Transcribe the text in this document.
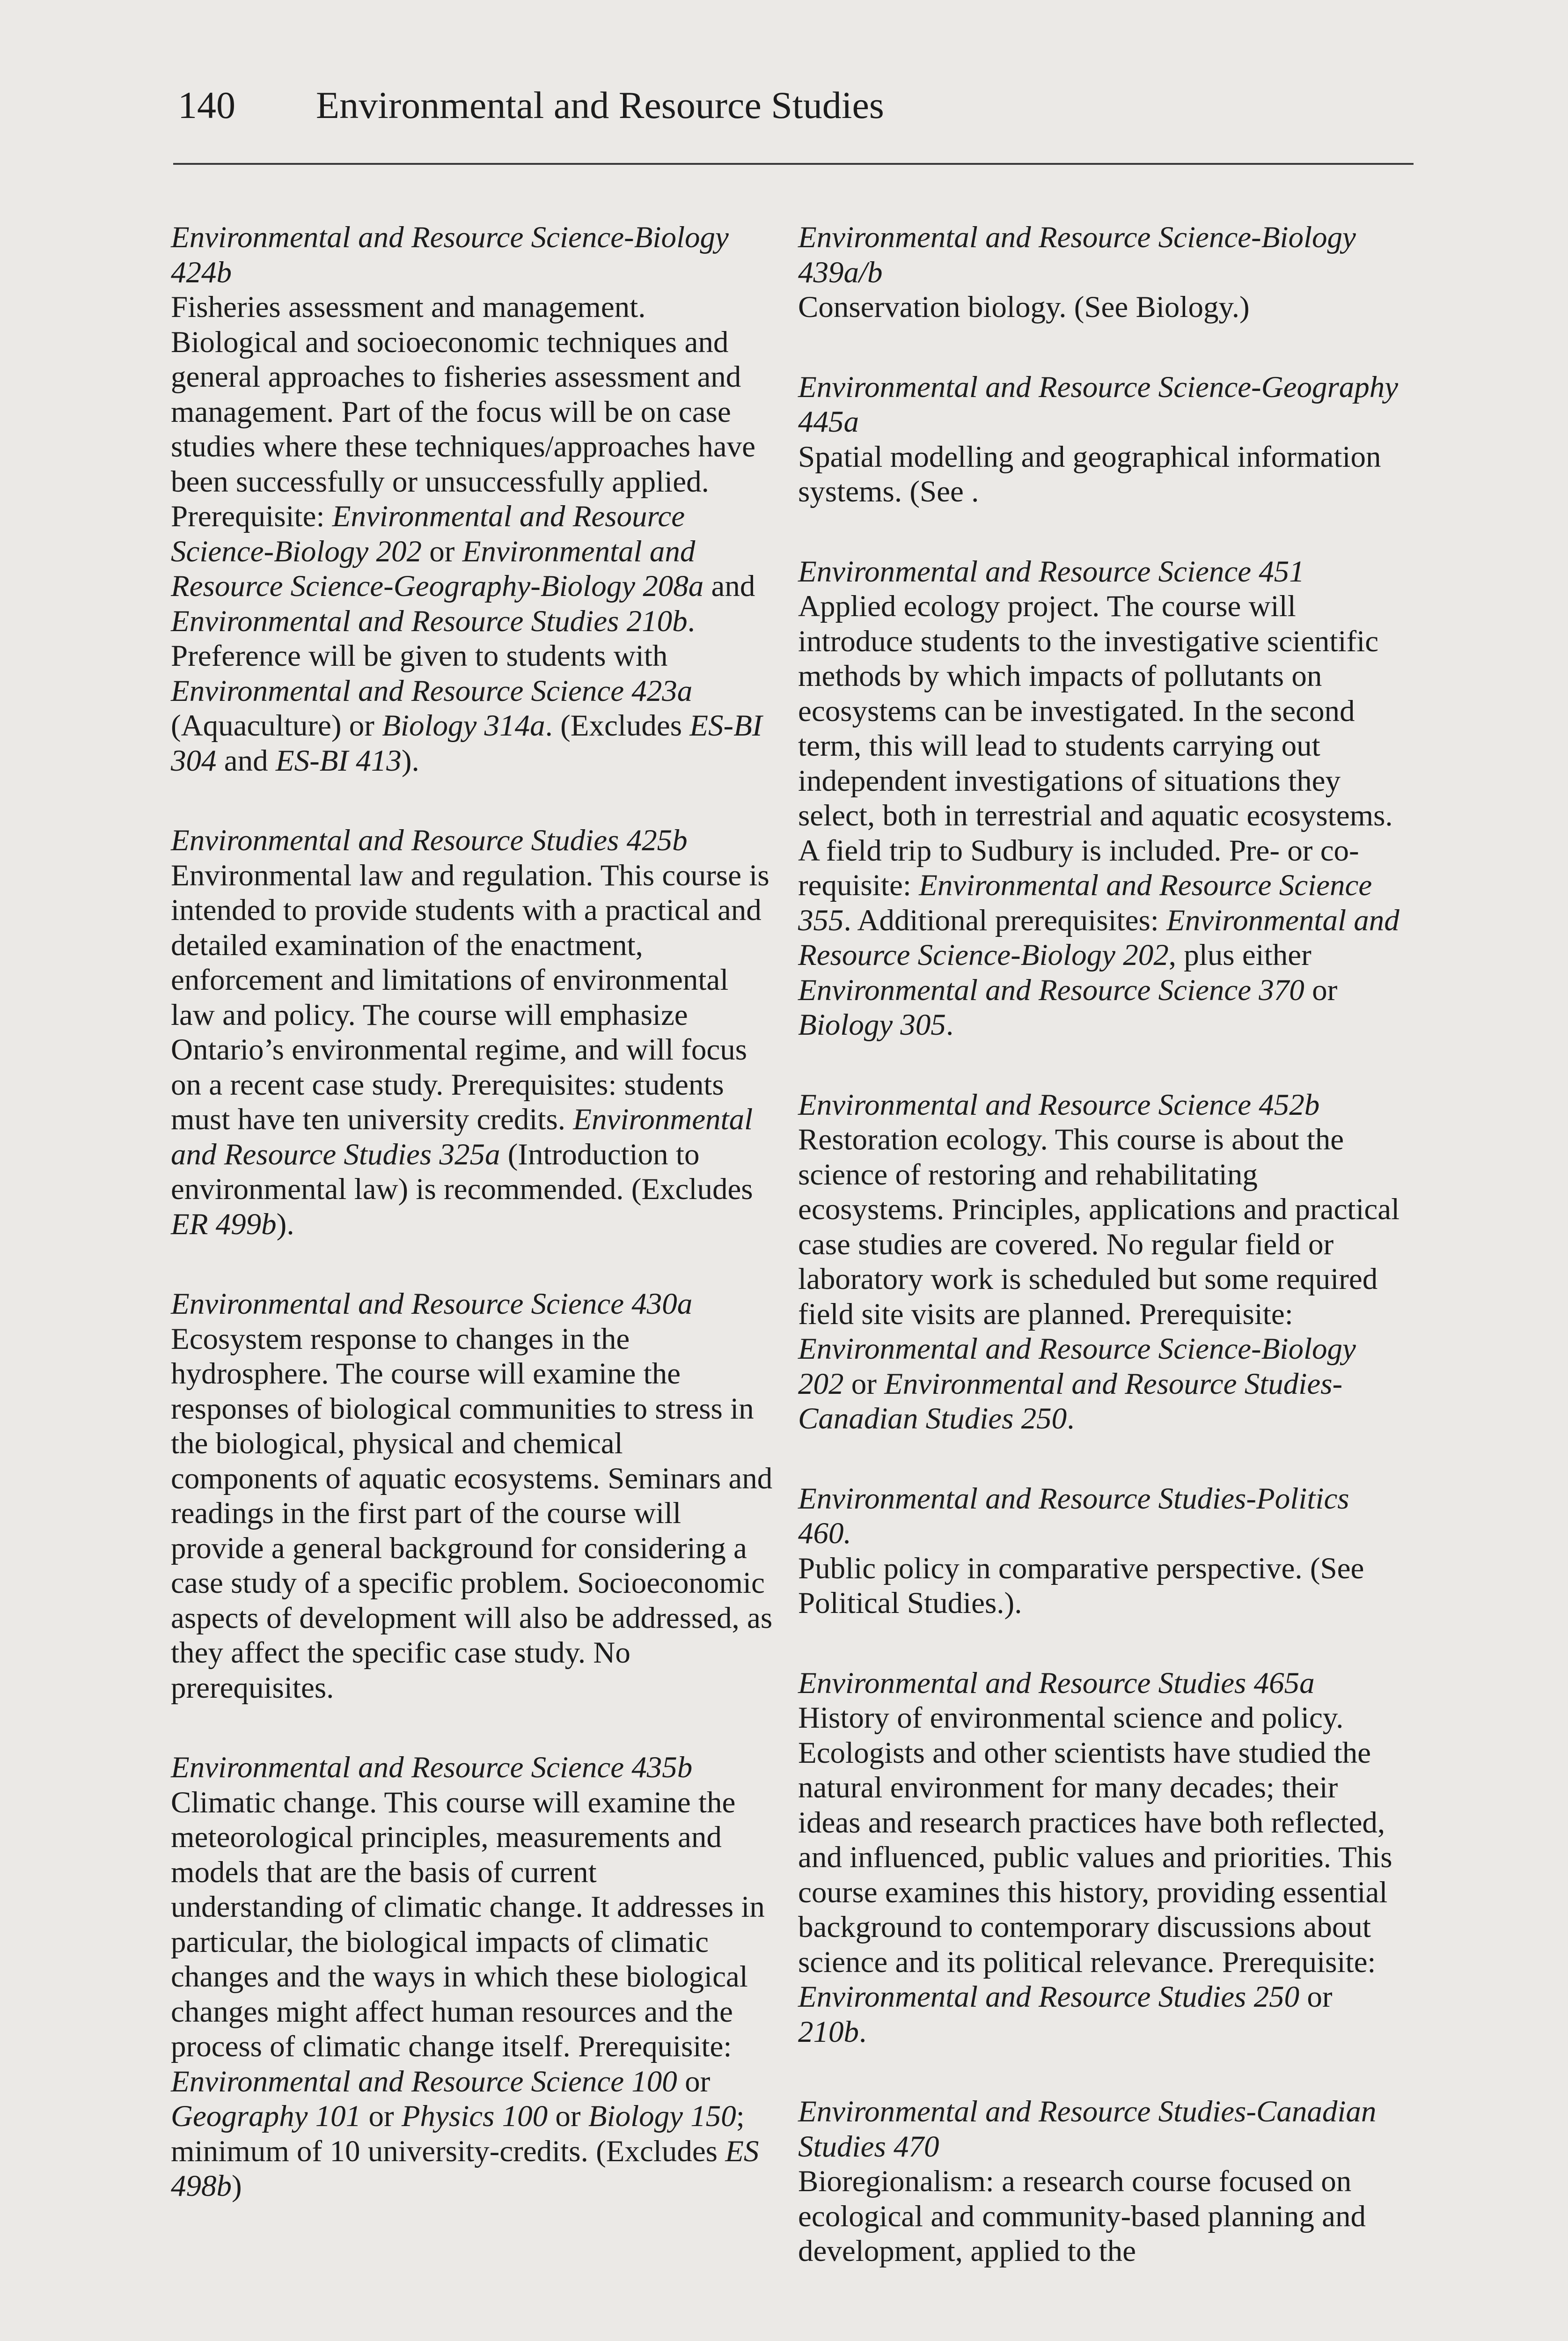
140 Environmental and Resource Studies

Environmental and Resource Science-Biology 424b

Fisheries assessment and management. Biological and socioeconomic techniques and general approaches to fisheries assessment and management. Part of the focus will be on case studies where these techniques/approaches have been successfully or unsuccessfully applied. Prerequisite: Environmental and Resource Science-Biology 202 or Environmental and Resource Science-Geography-Biology 208a and Environmental and Resource Studies 210b. Preference will be given to students with Environmental and Resource Science 423a (Aquaculture) or Biology 314a. (Excludes ES-BI 304 and ES-BI 413).

Environmental and Resource Studies 425b

Environmental law and regulation. This course is intended to provide students with a practical and detailed examination of the enactment, enforcement and limitations of environmental law and policy. The course will emphasize Ontario’s environmental regime, and will focus on a recent case study. Prerequisites: students must have ten university credits. Environmental and Resource Studies 325a (Introduction to environmental law) is recommended. (Excludes ER 499b).

Environmental and Resource Science 430a

Ecosystem response to changes in the hydrosphere. The course will examine the responses of biological communities to stress in the biological, physical and chemical components of aquatic ecosystems. Seminars and readings in the first part of the course will provide a general background for considering a case study of a specific problem. Socioeconomic aspects of development will also be addressed, as they affect the specific case study. No prerequisites.

Environmental and Resource Science 435b

Climatic change. This course will examine the meteorological principles, measurements and models that are the basis of current understanding of climatic change. It addresses in particular, the biological impacts of climatic changes and the ways in which these biological changes might affect human resources and the process of climatic change itself. Prerequisite: Environmental and Resource Science 100 or Geography 101 or Physics 100 or Biology 150; minimum of 10 university-credits. (Excludes ES 498b)

Environmental and Resource Science-Biology 439a/b

Conservation biology. (See Biology.)

Environmental and Resource Science-Geography 445a

Spatial modelling and geographical information systems. (See .

Environmental and Resource Science 451

Applied ecology project. The course will introduce students to the investigative scientific methods by which impacts of pollutants on ecosystems can be investigated. In the second term, this will lead to students carrying out independent investigations of situations they select, both in terrestrial and aquatic ecosystems. A field trip to Sudbury is included. Pre- or co-requisite: Environmental and Resource Science 355. Additional prerequisites: Environmental and Resource Science-Biology 202, plus either Environmental and Resource Science 370 or Biology 305.

Environmental and Resource Science 452b

Restoration ecology. This course is about the science of restoring and rehabilitating ecosystems. Principles, applications and practical case studies are covered. No regular field or laboratory work is scheduled but some required field site visits are planned. Prerequisite: Environmental and Resource Science-Biology 202 or Environmental and Resource Studies-Canadian Studies 250.

Environmental and Resource Studies-Politics 460.

Public policy in comparative perspective. (See Political Studies.).

Environmental and Resource Studies 465a

History of environmental science and policy. Ecologists and other scientists have studied the natural environment for many decades; their ideas and research practices have both reflected, and influenced, public values and priorities. This course examines this history, providing essential background to contemporary discussions about science and its political relevance. Prerequisite: Environmental and Resource Studies 250 or 210b.

Environmental and Resource Studies-Canadian Studies 470

Bioregionalism: a research course focused on ecological and community-based planning and development, applied to the
